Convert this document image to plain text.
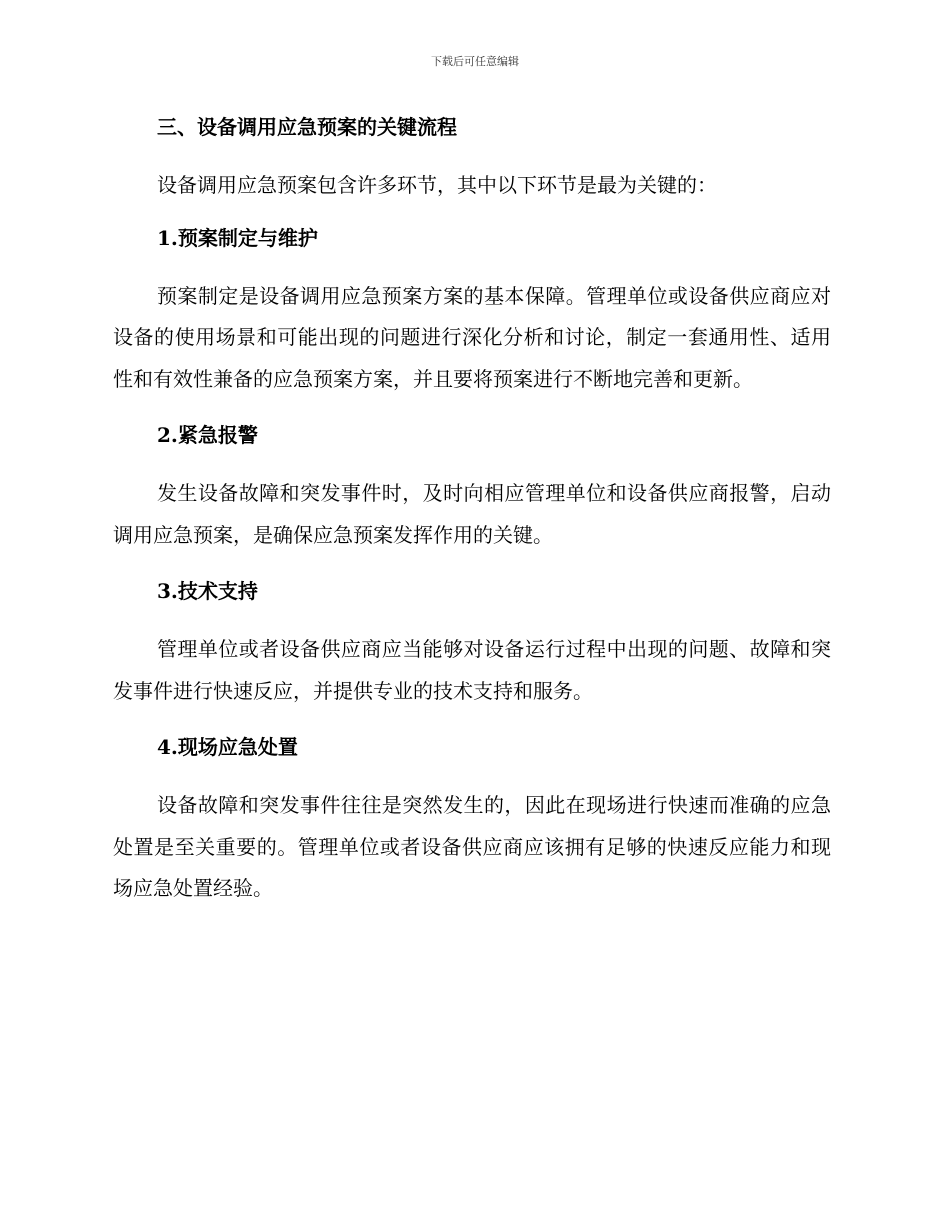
下载后可任意编辑
三、设备调用应急预案的关键流程

设备调用应急预案包含许多环节，其中以下环节是最为关键的：

1.预案制定与维护

预案制定是设备调用应急预案方案的基本保障。管理单位或设备供应商应对设备的使用场景和可能出现的问题进行深化分析和讨论，制定一套通用性、适用性和有效性兼备的应急预案方案，并且要将预案进行不断地完善和更新。

2.紧急报警

发生设备故障和突发事件时，及时向相应管理单位和设备供应商报警，启动调用应急预案，是确保应急预案发挥作用的关键。

3.技术支持

管理单位或者设备供应商应当能够对设备运行过程中出现的问题、故障和突发事件进行快速反应，并提供专业的技术支持和服务。

4.现场应急处置

设备故障和突发事件往往是突然发生的，因此在现场进行快速而准确的应急处置是至关重要的。管理单位或者设备供应商应该拥有足够的快速反应能力和现场应急处置经验。
